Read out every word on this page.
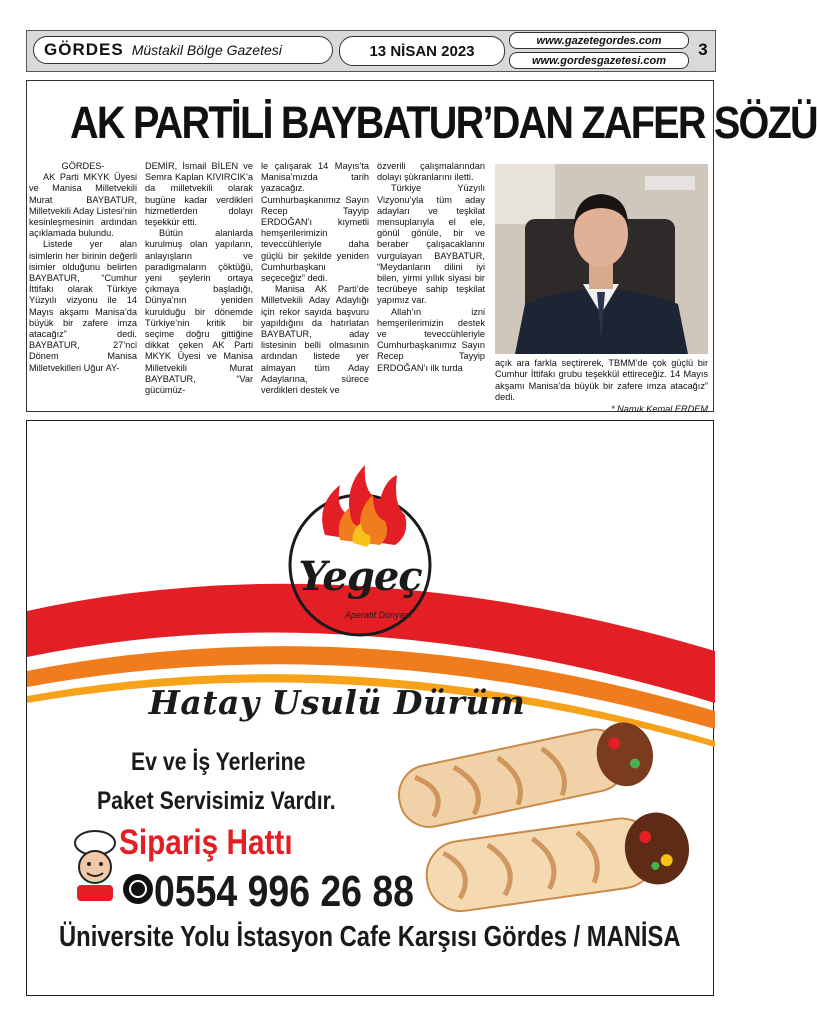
GÖRDES Müstakil Bölge Gazetesi	13 NİSAN 2023
www.gazetegordes.com
www.gordesgazetesi.com
3
AK PARTİLİ BAYBATUR’DAN ZAFER SÖZÜ

GÖRDES-

AK Parti MKYK Üyesi ve Manisa Milletvekili Murat BAYBATUR, Milletvekili Aday Listesi’nin kesinleşmesinin ardından açıklamada bulundu.

Listede yer alan isimlerin her birinin değerli isimler olduğunu belirten BAYBATUR, “Cumhur İttifakı olarak Türkiye Yüzyılı vizyonu ile 14 Mayıs akşamı Manisa’da büyük bir zafere imza atacağız” dedi. BAYBATUR, 27’nci Dönem Manisa Milletvekilleri Uğur AY-

DEMİR, İsmail BİLEN ve Semra Kaplan KIVIRCIK’a da milletvekili olarak bugüne kadar verdikleri hizmetlerden dolayı teşekkür etti.

Bütün alanlarda kurulmuş olan yapıların, anlayışların ve paradigmaların çöktüğü, yeni şeylerin ortaya çıkmaya başladığı, Dünya’nın yeniden kurulduğu bir dönemde Türkiye’nin kritik bir seçime doğru gittiğine dikkat çeken AK Parti MKYK Üyesi ve Manisa Milletvekili Murat BAYBATUR, “Var gücümüz-

le çalışarak 14 Mayıs’ta Manisa’mızda tarih yazacağız. Cumhurbaşkanımız Sayın Recep Tayyip ERDOĞAN’ı kıymetli hemşerilerimizin teveccühleriyle daha güçlü bir şekilde yeniden Cumhurbaşkanı seçeceğiz” dedi.

Manisa AK Parti’de Milletvekili Aday Adaylığı için rekor sayıda başvuru yapıldığını da hatırlatan BAYBATUR, aday listesinin belli olmasının ardından listede yer almayan tüm Aday Adaylarına, sürece verdikleri destek ve

özverili çalışmalarından dolayı şükranlarını iletti.

Türkiye Yüzyılı Vizyonu’yla tüm aday adayları ve teşkilat mensuplarıyla el ele, gönül gönüle, bir ve beraber çalışacaklarını vurgulayan BAYBATUR, “Meydanların dilini iyi bilen, yirmi yıllık siyasi bir tecrübeye sahip teşkilat yapımız var.

Allah’ın izni hemşerilerimizin destek ve teveccühleriyle Cumhurbaşkanımız Sayın Recep Tayyip ERDOĞAN’ı ilk turda	açık ara farkla seçtirerek, TBMM’de çok güçlü bir Cumhur İttifakı grubu teşekkül ettireceğiz. 14 Mayıs akşamı Manisa’da büyük bir zafere imza atacağız” dedi.

* Namık Kemal ERDEM
Yegeç
Aperatif Dünyası
Hatay Usulü Dürüm
Ev ve İş Yerlerine
Paket Servisimiz Vardır.
Sipariş Hattı
0554 996 26 88
Üniversite Yolu İstasyon Cafe Karşısı Gördes / MANİSA
